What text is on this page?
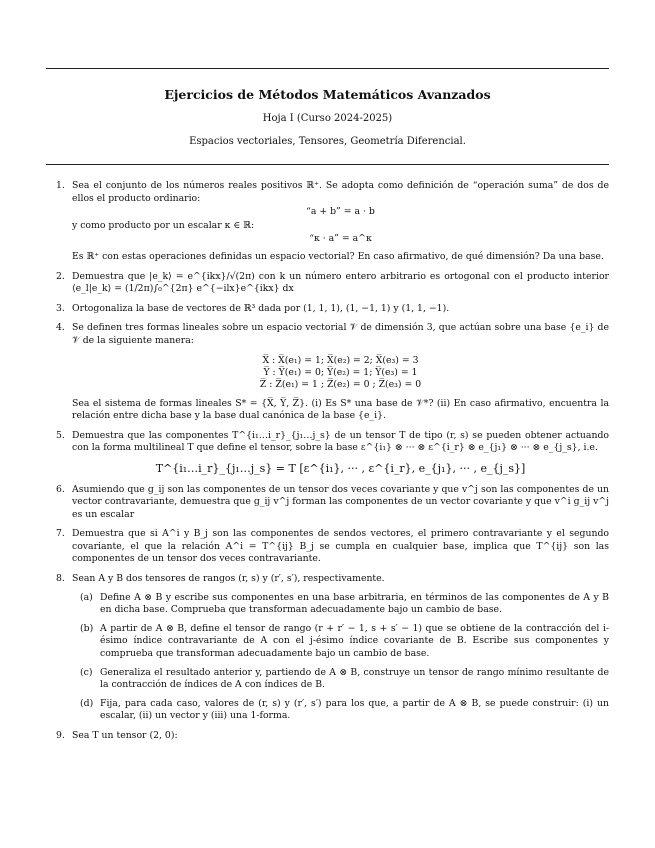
Ejercicios de Métodos Matemáticos Avanzados
Hoja I (Curso 2024-2025)
Espacios vectoriales, Tensores, Geometría Diferencial.
1. Sea el conjunto de los números reales positivos ℝ⁺. Se adopta como definición de “operación suma” de dos de ellos el producto ordinario:
“a + b” = a · b
y como producto por un escalar κ ∈ ℝ:
“κ · a” = a^κ
Es ℝ⁺ con estas operaciones definidas un espacio vectorial? En caso afirmativo, de qué dimensión? Da una base.
2. Demuestra que |e_k⟩ = e^{ikx}/√(2π) con k un número entero arbitrario es ortogonal con el producto interior ⟨e_l|e_k⟩ = (1/2π)∫₀^{2π} e^{−ilx}e^{ikx} dx
3. Ortogonaliza la base de vectores de ℝ³ dada por (1, 1, 1), (1, −1, 1) y (1, 1, −1).
4. Se definen tres formas lineales sobre un espacio vectorial 𝒱 de dimensión 3, que actúan sobre una base {e_i} de 𝒱 de la siguiente manera:
X̅ : X̅(e₁) = 1; X̅(e₂) = 2; X̅(e₃) = 3
Y̅ : Y̅(e₁) = 0; Y̅(e₂) = 1; Y̅(e₃) = 1
Z̅ : Z̅(e₁) = 1 ; Z̅(e₂) = 0 ; Z̅(e₃) = 0
Sea el sistema de formas lineales S* = {X̅, Y̅, Z̅}. (i) Es S* una base de 𝒱*? (ii) En caso afirmativo, encuentra la relación entre dicha base y la base dual canónica de la base {e_i}.
5. Demuestra que las componentes T^{i₁…i_r}_{j₁…j_s} de un tensor T de tipo (r, s) se pueden obtener actuando con la forma multilineal T que define el tensor, sobre la base ε^{i₁} ⊗ ··· ⊗ ε^{i_r} ⊗ e_{j₁} ⊗ ··· ⊗ e_{j_s}, i.e.
T^{i₁…i_r}_{j₁…j_s} = T [ε^{i₁}, ··· , ε^{i_r}, e_{j₁}, ··· , e_{j_s}]
6. Asumiendo que g_ij son las componentes de un tensor dos veces covariante y que v^j son las componentes de un vector contravariante, demuestra que g_ij v^j forman las componentes de un vector covariante y que v^i g_ij v^j es un escalar
7. Demuestra que si A^i y B_j son las componentes de sendos vectores, el primero contravariante y el segundo covariante, el que la relación A^i = T^{ij} B_j se cumpla en cualquier base, implica que T^{ij} son las componentes de un tensor dos veces contravariante.
8. Sean A y B dos tensores de rangos (r, s) y (r′, s′), respectivamente.
(a) Define A ⊗ B y escribe sus componentes en una base arbitraria, en términos de las componentes de A y B en dicha base. Comprueba que transforman adecuadamente bajo un cambio de base.
(b) A partir de A ⊗ B, define el tensor de rango (r + r′ − 1, s + s′ − 1) que se obtiene de la contracción del i-ésimo índice contravariante de A con el j-ésimo índice covariante de B. Escribe sus componentes y comprueba que transforman adecuadamente bajo un cambio de base.
(c) Generaliza el resultado anterior y, partiendo de A ⊗ B, construye un tensor de rango mínimo resultante de la contracción de índices de A con índices de B.
(d) Fija, para cada caso, valores de (r, s) y (r′, s′) para los que, a partir de A ⊗ B, se puede construir: (i) un escalar, (ii) un vector y (iii) una 1-forma.
9. Sea T un tensor (2, 0):
